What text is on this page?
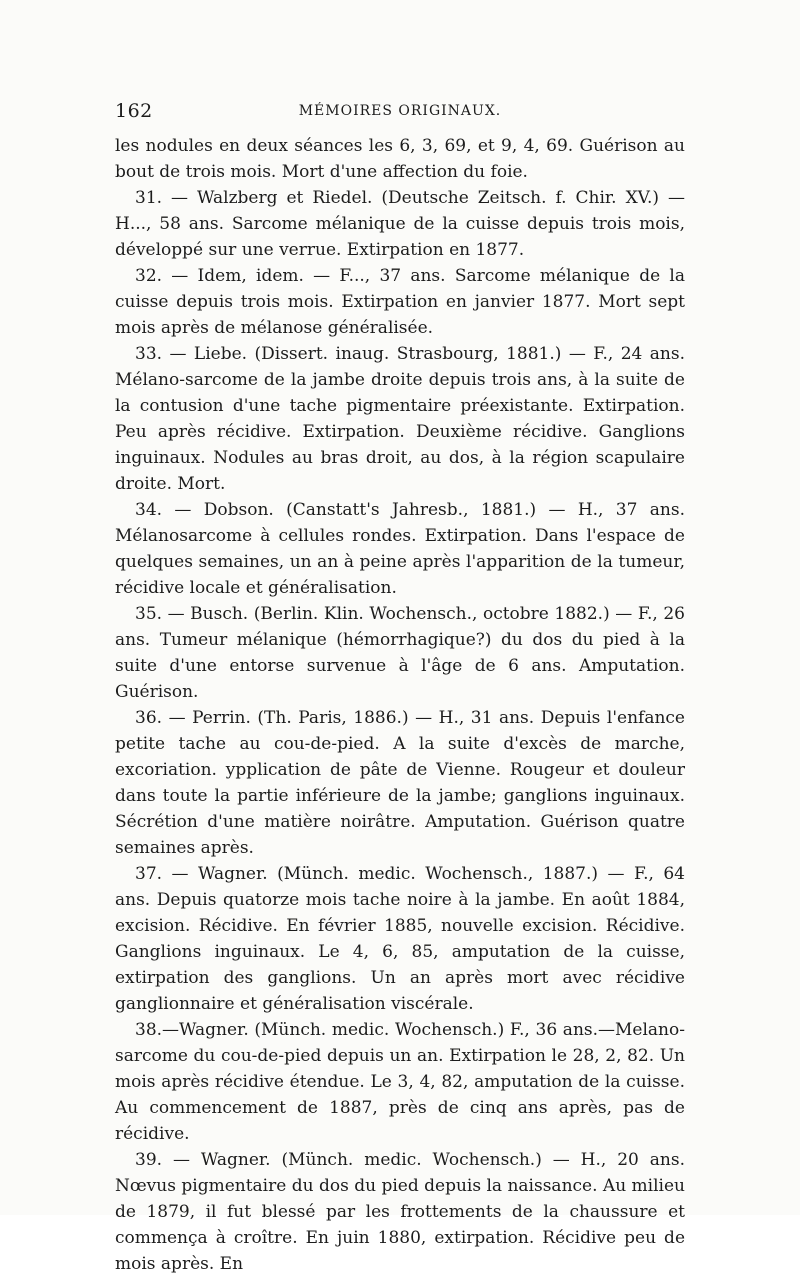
162	MÉMOIRES ORIGINAUX.

les nodules en deux séances les 6, 3, 69, et 9, 4, 69. Guérison au bout de trois mois. Mort d'une affection du foie.

31. — Walzberg et Riedel. (Deutsche Zeitsch. f. Chir. XV.) — H..., 58 ans. Sarcome mélanique de la cuisse depuis trois mois, développé sur une verrue. Extirpation en 1877.

32. — Idem, idem. — F..., 37 ans. Sarcome mélanique de la cuisse depuis trois mois. Extirpation en janvier 1877. Mort sept mois après de mélanose généralisée.

33. — Liebe. (Dissert. inaug. Strasbourg, 1881.) — F., 24 ans. Mélano-sarcome de la jambe droite depuis trois ans, à la suite de la contusion d'une tache pigmentaire préexistante. Extirpation. Peu après récidive. Extirpation. Deuxième récidive. Ganglions inguinaux. Nodules au bras droit, au dos, à la région scapulaire droite. Mort.

34. — Dobson. (Canstatt's Jahresb., 1881.) — H., 37 ans. Mélanosarcome à cellules rondes. Extirpation. Dans l'espace de quelques semaines, un an à peine après l'apparition de la tumeur, récidive locale et généralisation.

35. — Busch. (Berlin. Klin. Wochensch., octobre 1882.) — F., 26 ans. Tumeur mélanique (hémorrhagique?) du dos du pied à la suite d'une entorse survenue à l'âge de 6 ans. Amputation. Guérison.

36. — Perrin. (Th. Paris, 1886.) — H., 31 ans. Depuis l'enfance petite tache au cou-de-pied. A la suite d'excès de marche, excoriation. ypplication de pâte de Vienne. Rougeur et douleur dans toute la partie inférieure de la jambe; ganglions inguinaux. Sécrétion d'une matière noirâtre. Amputation. Guérison quatre semaines après.

37. — Wagner. (Münch. medic. Wochensch., 1887.) — F., 64 ans. Depuis quatorze mois tache noire à la jambe. En août 1884, excision. Récidive. En février 1885, nouvelle excision. Récidive. Ganglions inguinaux. Le 4, 6, 85, amputation de la cuisse, extirpation des ganglions. Un an après mort avec récidive ganglionnaire et généralisation viscérale.

38.—Wagner. (Münch. medic. Wochensch.) F., 36 ans.—Melano-sarcome du cou-de-pied depuis un an. Extirpation le 28, 2, 82. Un mois après récidive étendue. Le 3, 4, 82, amputation de la cuisse. Au commencement de 1887, près de cinq ans après, pas de récidive.

39. — Wagner. (Münch. medic. Wochensch.) — H., 20 ans. Nœvus pigmentaire du dos du pied depuis la naissance. Au milieu de 1879, il fut blessé par les frottements de la chaussure et commença à croître. En juin 1880, extirpation. Récidive peu de mois après. En
